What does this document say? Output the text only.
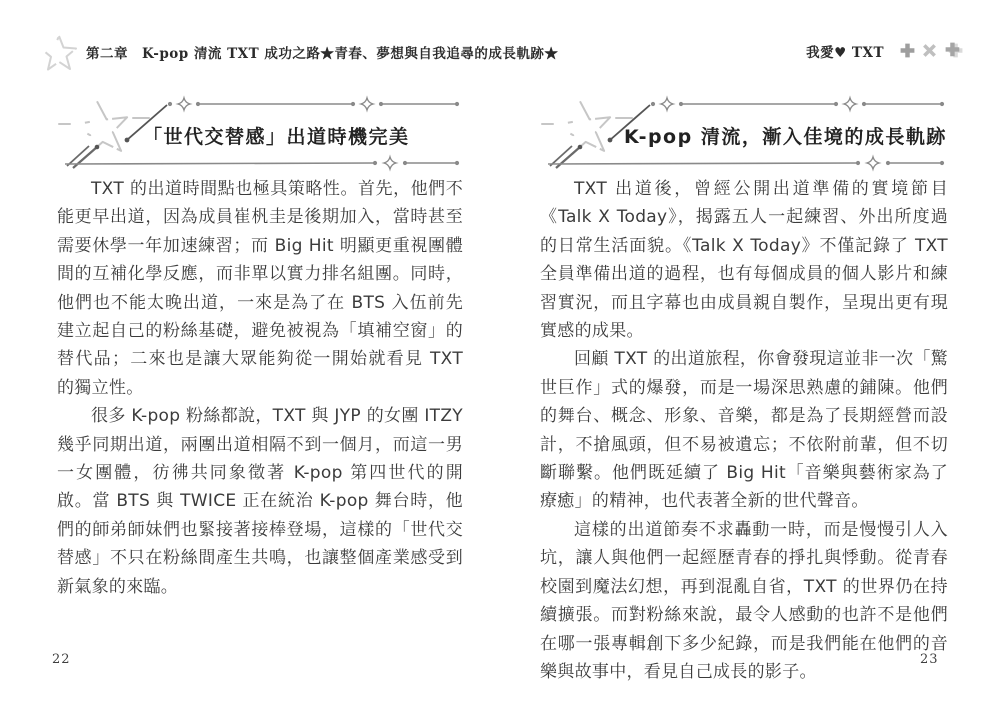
第二章 K-pop 清流 TXT 成功之路★青春、夢想與自我追尋的成長軌跡★	我愛♥ TXT
「世代交替感」出道時機完美

TXT 的出道時間點也極具策略性。首先，他們不能更早出道，因為成員崔杋圭是後期加入，當時甚至需要休學一年加速練習；而 Big Hit 明顯更重視團體間的互補化學反應，而非單以實力排名組團。同時，他們也不能太晚出道，一來是為了在 BTS 入伍前先建立起自己的粉絲基礎，避免被視為「填補空窗」的替代品；二來也是讓大眾能夠從一開始就看見 TXT 的獨立性。

很多 K-pop 粉絲都說，TXT 與 JYP 的女團 ITZY 幾乎同期出道，兩團出道相隔不到一個月，而這一男一女團體，彷彿共同象徵著 K-pop 第四世代的開啟。當 BTS 與 TWICE 正在統治 K-pop 舞台時，他們的師弟師妹們也緊接著接棒登場，這樣的「世代交替感」不只在粉絲間產生共鳴，也讓整個產業感受到新氣象的來臨。

K-pop 清流，漸入佳境的成長軌跡

TXT 出道後，曾經公開出道準備的實境節目《Talk X Today》，揭露五人一起練習、外出所度過的日常生活面貌。《Talk X Today》不僅記錄了 TXT 全員準備出道的過程，也有每個成員的個人影片和練習實況，而且字幕也由成員親自製作，呈現出更有現實感的成果。

回顧 TXT 的出道旅程，你會發現這並非一次「驚世巨作」式的爆發，而是一場深思熟慮的鋪陳。他們的舞台、概念、形象、音樂，都是為了長期經營而設計，不搶風頭，但不易被遺忘；不依附前輩，但不切斷聯繫。他們既延續了 Big Hit「音樂與藝術家為了療癒」的精神，也代表著全新的世代聲音。

這樣的出道節奏不求轟動一時，而是慢慢引人入坑，讓人與他們一起經歷青春的掙扎與悸動。從青春校園到魔法幻想，再到混亂自省，TXT 的世界仍在持續擴張。而對粉絲來說，最令人感動的也許不是他們在哪一張專輯創下多少紀錄，而是我們能在他們的音樂與故事中，看見自己成長的影子。

22	23
